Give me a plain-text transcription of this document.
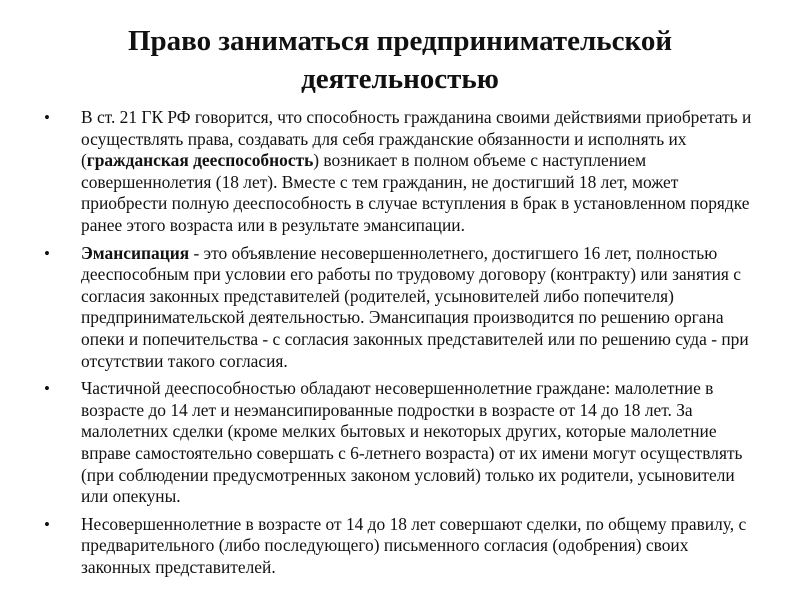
Право заниматься предпринимательской
деятельностью
• В ст. 21 ГК РФ говорится, что способность гражданина своими действиями приобретать и осуществлять права, создавать для себя гражданские обязанности и исполнять их (гражданская дееспособность) возникает в полном объеме с наступлением совершеннолетия (18 лет). Вместе с тем гражданин, не достигший 18 лет, может приобрести полную дееспособность в случае вступления в брак в установленном порядке ранее этого возраста или в результате эмансипации.
• Эмансипация - это объявление несовершеннолетнего, достигшего 16 лет, полностью дееспособным при условии его работы по трудовому договору (контракту) или занятия с согласия законных представителей (родителей, усыновителей либо попечителя) предпринимательской деятельностью. Эмансипация производится по решению органа опеки и попечительства - с согласия законных представителей или по решению суда - при отсутствии такого согласия.
• Частичной дееспособностью обладают несовершеннолетние граждане: малолетние в возрасте до 14 лет и неэмансипированные подростки в возрасте от 14 до 18 лет. За малолетних сделки (кроме мелких бытовых и некоторых других, которые малолетние вправе самостоятельно совершать с 6-летнего возраста) от их имени могут осуществлять (при соблюдении предусмотренных законом условий) только их родители, усыновители или опекуны.
• Несовершеннолетние в возрасте от 14 до 18 лет совершают сделки, по общему правилу, с предварительного (либо последующего) письменного согласия (одобрения) своих законных представителей.
